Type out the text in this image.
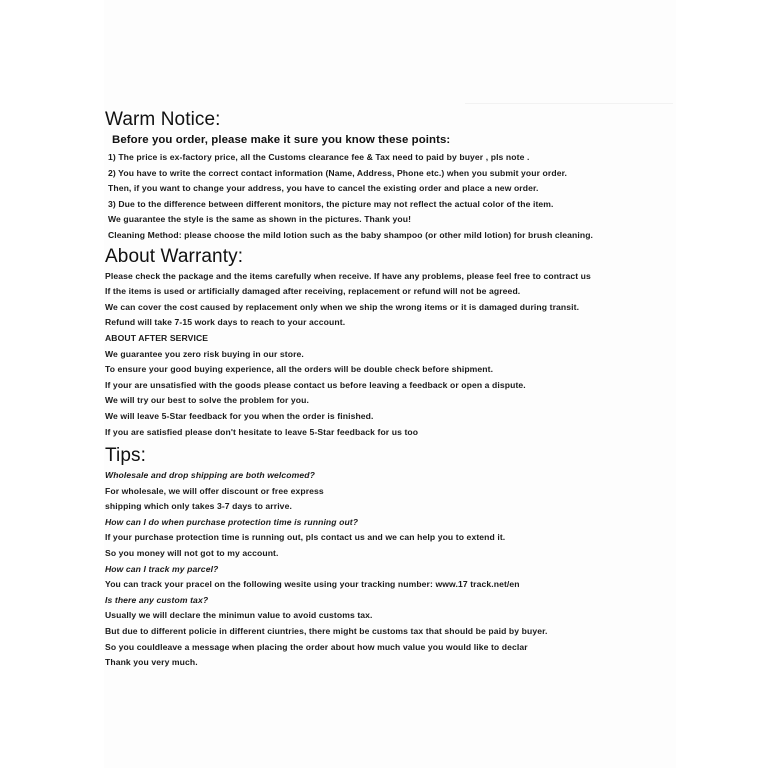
Warm Notice:
Before you order, please make it sure you know these points:
1) The price is ex-factory price, all the Customs clearance fee & Tax need to paid by buyer , pls note .
2) You have to write the correct contact information (Name, Address, Phone etc.) when you submit your order.
Then, if you want to change your address, you have to cancel the existing order and place a new order.
3) Due to the difference between different monitors, the picture may not reflect the actual color of the item.
We guarantee the style is the same as shown in the pictures. Thank you!
Cleaning Method: please choose the mild lotion such as the baby shampoo (or other mild lotion) for brush cleaning.
About Warranty:
Please check the package and the items carefully when receive. If have any problems, please feel free to contract us
If the items is used or artificially damaged after receiving, replacement or refund will not be agreed.
We can cover the cost caused by replacement only when we ship the wrong items or it is damaged during transit.
Refund will take 7-15 work days to reach to your account.
ABOUT AFTER SERVICE
We guarantee you zero risk buying in our store.
To ensure your good buying experience, all the orders will be double check before shipment.
If your are unsatisfied with the goods please contact us before leaving a feedback or open a dispute.
We will try our best to solve the problem for you.
We will leave 5-Star feedback for you when the order is finished.
If you are satisfied please don't hesitate to leave 5-Star feedback for us too
Tips:
Wholesale and drop shipping are both welcomed?
For wholesale, we will offer discount or free express
shipping which only takes 3-7 days to arrive.
How can I do when purchase protection time is running out?
If your purchase protection time is running out, pls contact us and we can help you to extend it.
So you money will not got to my account.
How can I track my parcel?
You can track your pracel on the following wesite using your tracking number: www.17 track.net/en
Is there any custom tax?
Usually we will declare the minimun value to avoid customs tax.
But due to different policie in different ciuntries, there might be customs tax that should be paid by buyer.
So you couldleave a message when placing the order about how much value you would like to declar
Thank you very much.
